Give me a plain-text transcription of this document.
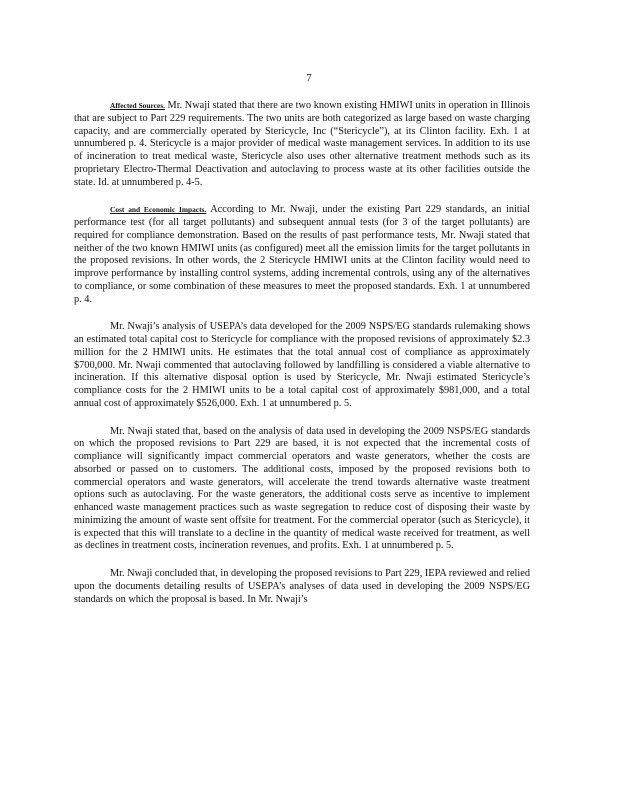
7

Affected Sources. Mr. Nwaji stated that there are two known existing HMIWI units in operation in Illinois that are subject to Part 229 requirements. The two units are both categorized as large based on waste charging capacity, and are commercially operated by Stericycle, Inc (“Stericycle”), at its Clinton facility. Exh. 1 at unnumbered p. 4. Stericycle is a major provider of medical waste management services. In addition to its use of incineration to treat medical waste, Stericycle also uses other alternative treatment methods such as its proprietary Electro-Thermal Deactivation and autoclaving to process waste at its other facilities outside the state. Id. at unnumbered p. 4-5.

Cost and Economic Impacts. According to Mr. Nwaji, under the existing Part 229 standards, an initial performance test (for all target pollutants) and subsequent annual tests (for 3 of the target pollutants) are required for compliance demonstration. Based on the results of past performance tests, Mr. Nwaji stated that neither of the two known HMIWI units (as configured) meet all the emission limits for the target pollutants in the proposed revisions. In other words, the 2 Stericycle HMIWI units at the Clinton facility would need to improve performance by installing control systems, adding incremental controls, using any of the alternatives to compliance, or some combination of these measures to meet the proposed standards. Exh. 1 at unnumbered p. 4.

Mr. Nwaji’s analysis of USEPA’s data developed for the 2009 NSPS/EG standards rulemaking shows an estimated total capital cost to Stericycle for compliance with the proposed revisions of approximately $2.3 million for the 2 HMIWI units. He estimates that the total annual cost of compliance as approximately $700,000. Mr. Nwaji commented that autoclaving followed by landfilling is considered a viable alternative to incineration. If this alternative disposal option is used by Stericycle, Mr. Nwaji estimated Stericycle’s compliance costs for the 2 HMIWI units to be a total capital cost of approximately $981,000, and a total annual cost of approximately $526,000. Exh. 1 at unnumbered p. 5.

Mr. Nwaji stated that, based on the analysis of data used in developing the 2009 NSPS/EG standards on which the proposed revisions to Part 229 are based, it is not expected that the incremental costs of compliance will significantly impact commercial operators and waste generators, whether the costs are absorbed or passed on to customers. The additional costs, imposed by the proposed revisions both to commercial operators and waste generators, will accelerate the trend towards alternative waste treatment options such as autoclaving. For the waste generators, the additional costs serve as incentive to implement enhanced waste management practices such as waste segregation to reduce cost of disposing their waste by minimizing the amount of waste sent offsite for treatment. For the commercial operator (such as Stericycle), it is expected that this will translate to a decline in the quantity of medical waste received for treatment, as well as declines in treatment costs, incineration revenues, and profits. Exh. 1 at unnumbered p. 5.

Mr. Nwaji concluded that, in developing the proposed revisions to Part 229, IEPA reviewed and relied upon the documents detailing results of USEPA’s analyses of data used in developing the 2009 NSPS/EG standards on which the proposal is based. In Mr. Nwaji’s
